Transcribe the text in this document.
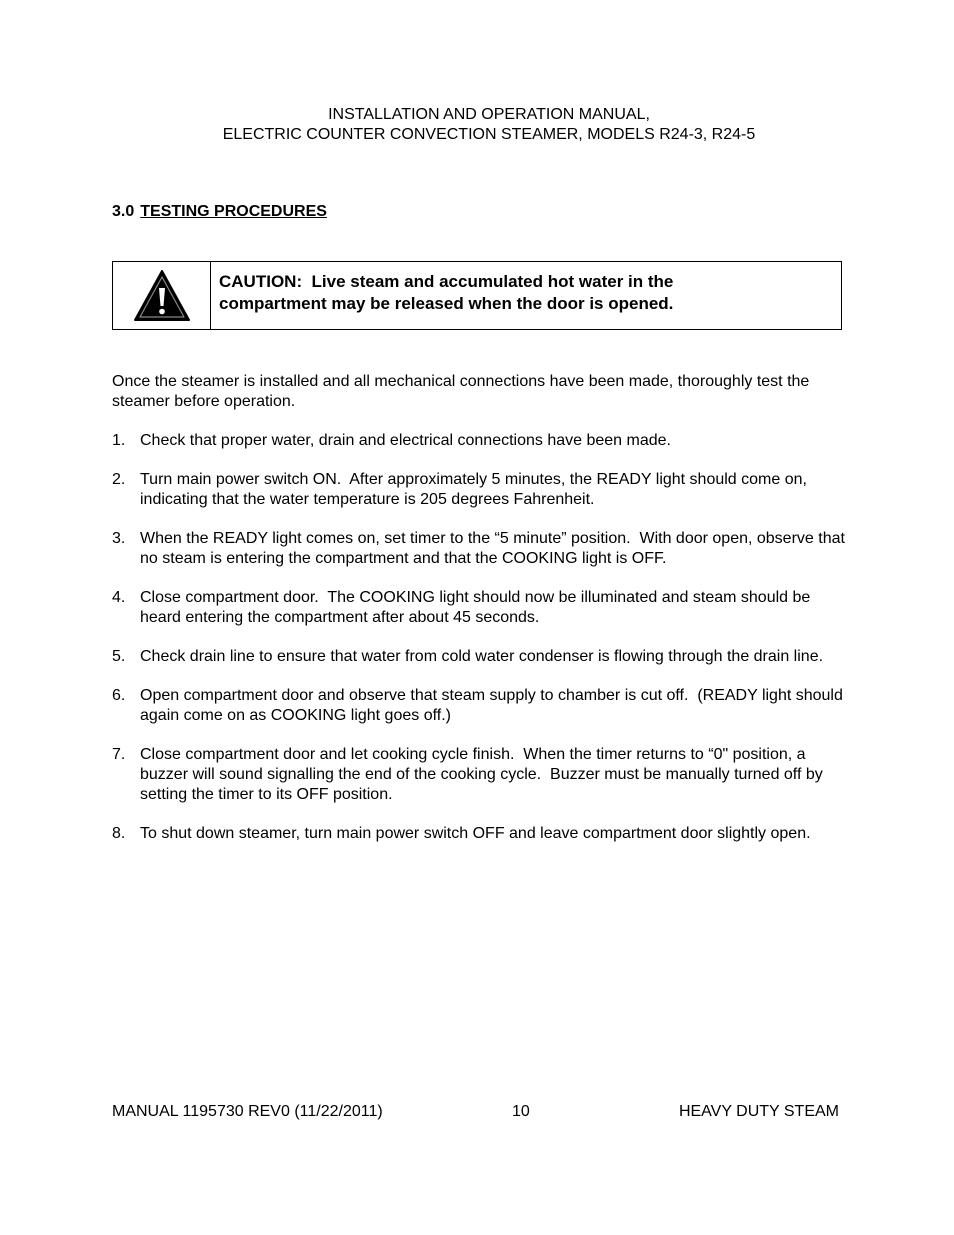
INSTALLATION AND OPERATION MANUAL,
ELECTRIC COUNTER CONVECTION STEAMER, MODELS R24-3, R24-5
3.0 TESTING PROCEDURES
CAUTION:  Live steam and accumulated hot water in the
compartment may be released when the door is opened.
Once the steamer is installed and all mechanical connections have been made, thoroughly test the steamer before operation.
1. Check that proper water, drain and electrical connections have been made.
2. Turn main power switch ON.  After approximately 5 minutes, the READY light should come on, indicating that the water temperature is 205 degrees Fahrenheit.
3. When the READY light comes on, set timer to the “5 minute” position.  With door open, observe that no steam is entering the compartment and that the COOKING light is OFF.
4. Close compartment door.  The COOKING light should now be illuminated and steam should be heard entering the compartment after about 45 seconds.
5. Check drain line to ensure that water from cold water condenser is flowing through the drain line.
6. Open compartment door and observe that steam supply to chamber is cut off.  (READY light should again come on as COOKING light goes off.)
7. Close compartment door and let cooking cycle finish.  When the timer returns to “0" position, a buzzer will sound signalling the end of the cooking cycle.  Buzzer must be manually turned off by setting the timer to its OFF position.
8. To shut down steamer, turn main power switch OFF and leave compartment door slightly open.
MANUAL 1195730 REV0 (11/22/2011)	10	HEAVY DUTY STEAM
